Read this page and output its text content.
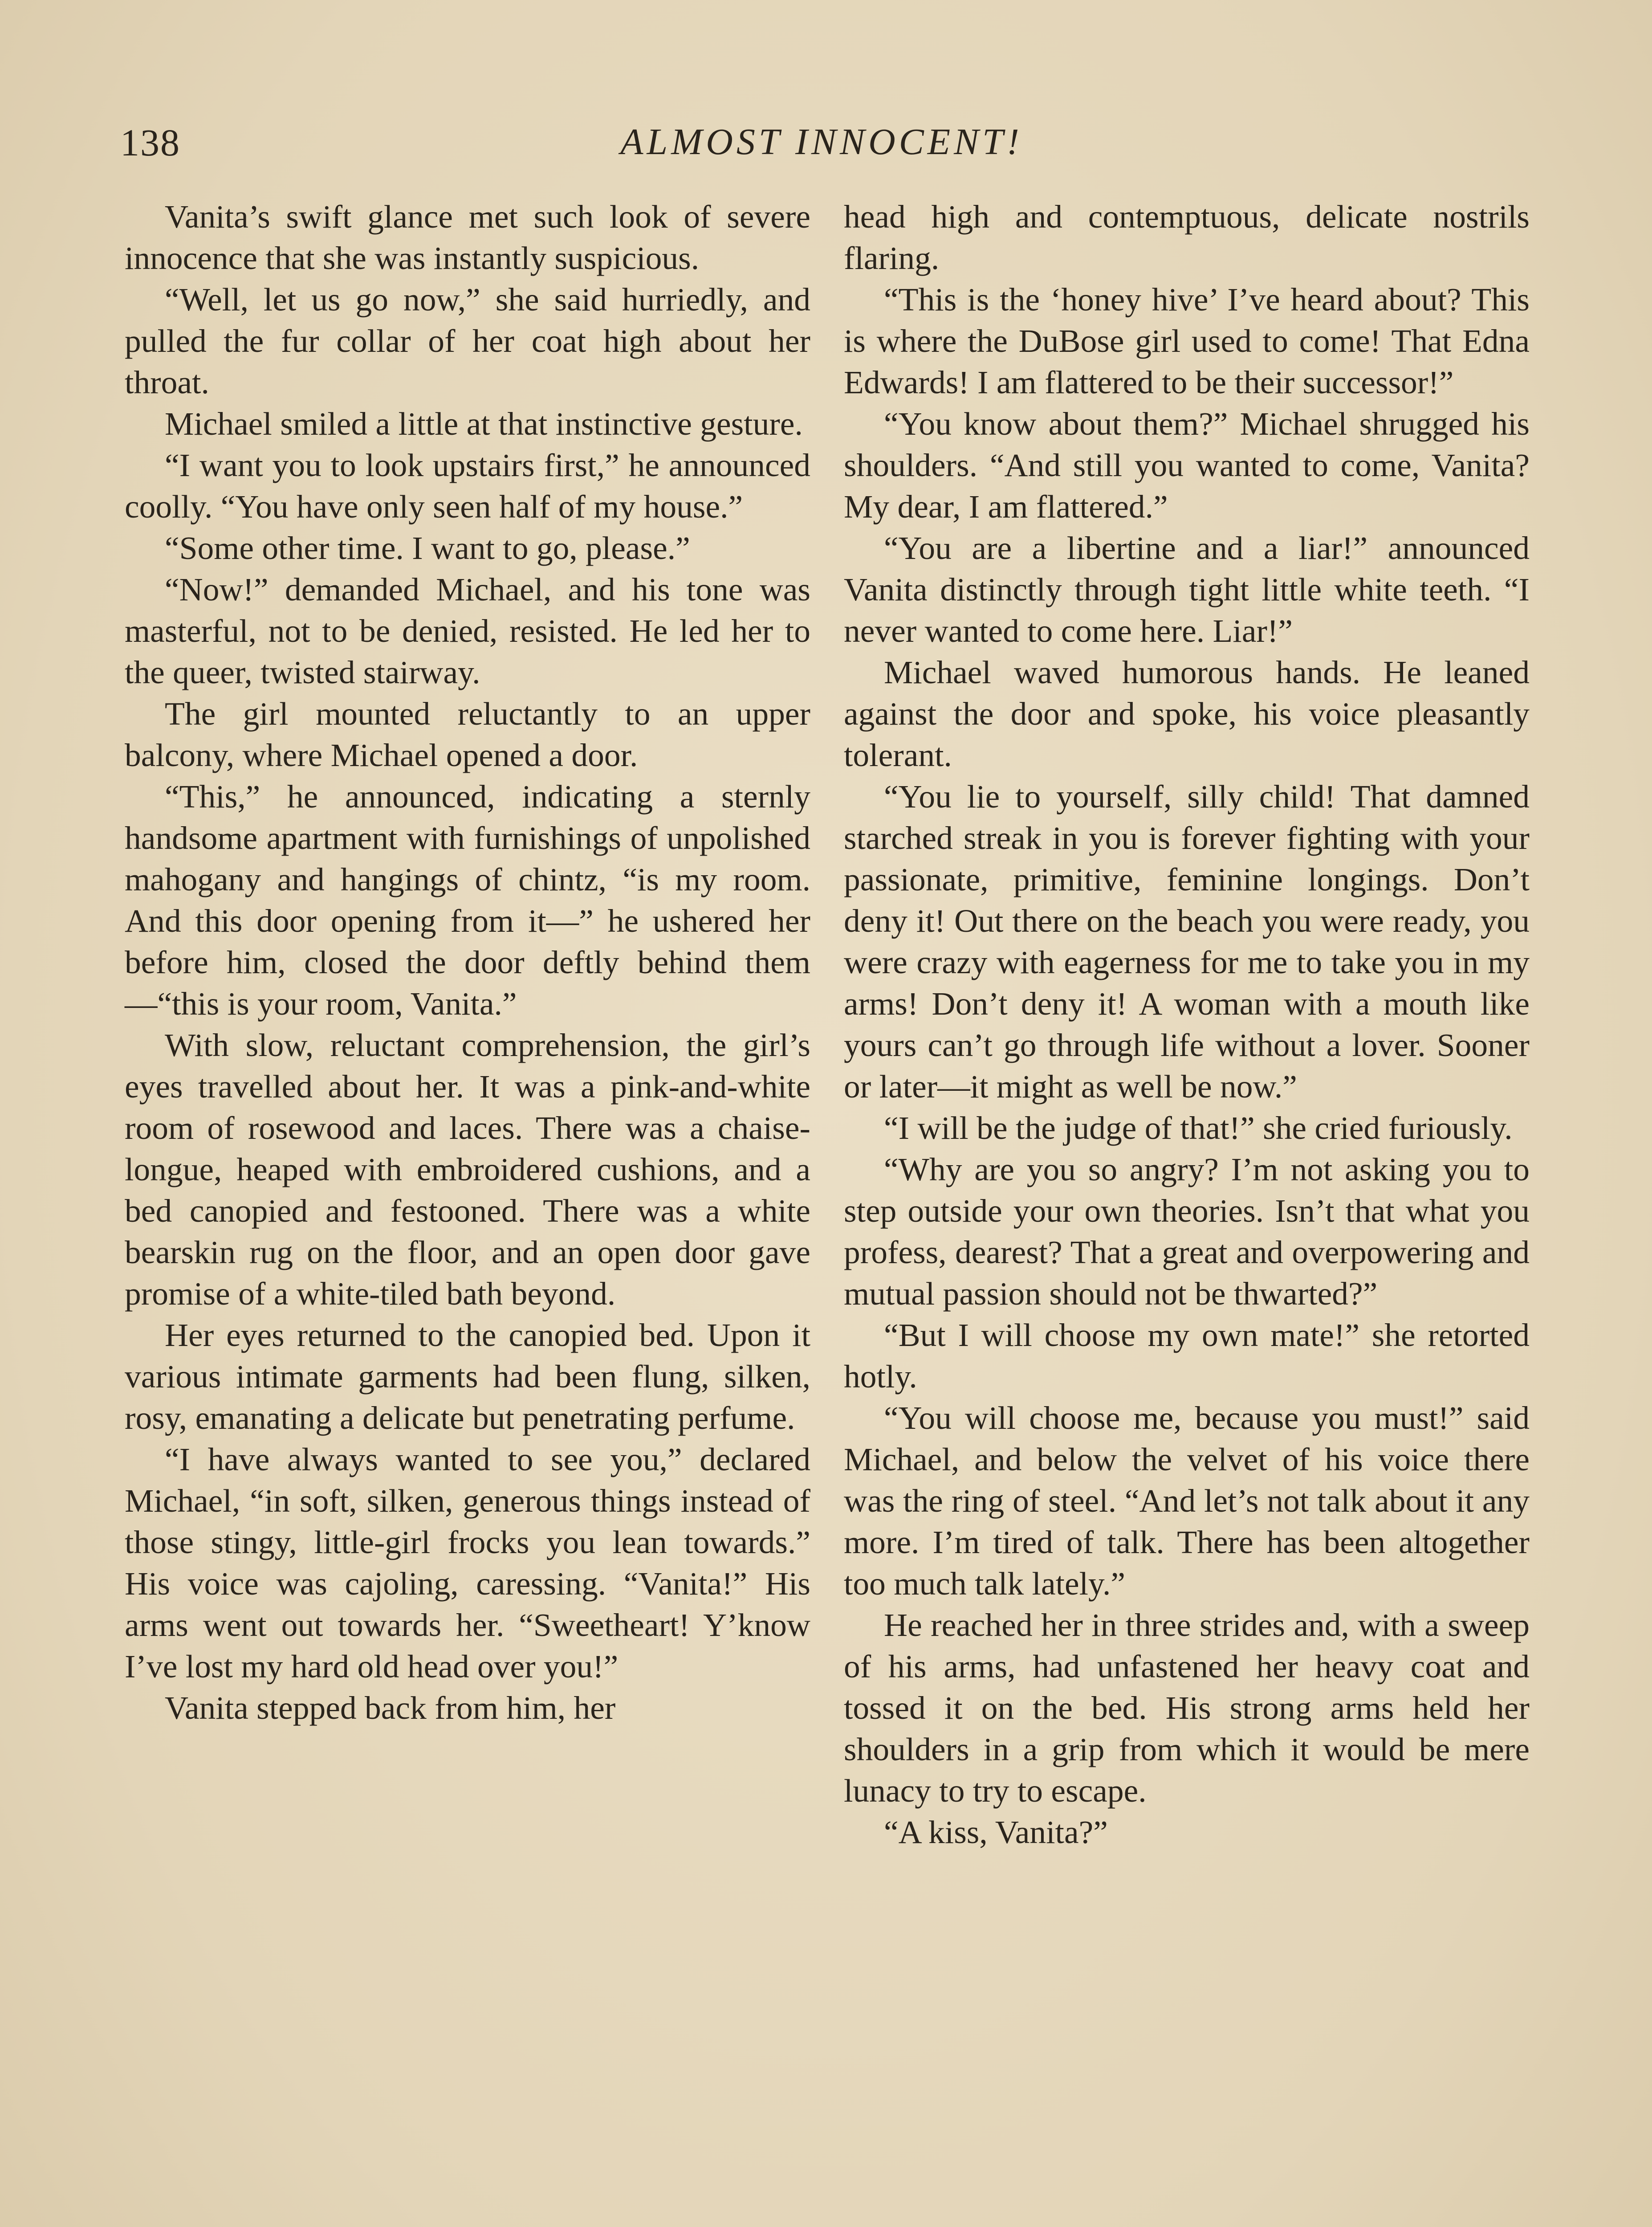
138	ALMOST INNOCENT!

Vanita’s swift glance met such look of severe innocence that she was instantly suspicious.

“Well, let us go now,” she said hurriedly, and pulled the fur collar of her coat high about her throat.

Michael smiled a little at that instinctive gesture.

“I want you to look upstairs first,” he announced coolly. “You have only seen half of my house.”

“Some other time. I want to go, please.”

“Now!” demanded Michael, and his tone was masterful, not to be denied, resisted. He led her to the queer, twisted stairway.

The girl mounted reluctantly to an upper balcony, where Michael opened a door.

“This,” he announced, indicating a sternly handsome apartment with furnishings of unpolished mahogany and hangings of chintz, “is my room. And this door opening from it—” he ushered her before him, closed the door deftly behind them—“this is your room, Vanita.”

With slow, reluctant comprehension, the girl’s eyes travelled about her. It was a pink-and-white room of rosewood and laces. There was a chaise-longue, heaped with embroidered cushions, and a bed canopied and festooned. There was a white bearskin rug on the floor, and an open door gave promise of a white-tiled bath beyond.

Her eyes returned to the canopied bed. Upon it various intimate garments had been flung, silken, rosy, emanating a delicate but penetrating perfume.

“I have always wanted to see you,” declared Michael, “in soft, silken, generous things instead of those stingy, little-girl frocks you lean towards.” His voice was cajoling, caressing. “Vanita!” His arms went out towards her. “Sweetheart! Y’know I’ve lost my hard old head over you!”

Vanita stepped back from him, her

head high and contemptuous, delicate nostrils flaring.

“This is the ‘honey hive’ I’ve heard about? This is where the DuBose girl used to come! That Edna Edwards! I am flattered to be their successor!”

“You know about them?” Michael shrugged his shoulders. “And still you wanted to come, Vanita? My dear, I am flattered.”

“You are a libertine and a liar!” announced Vanita distinctly through tight little white teeth. “I never wanted to come here. Liar!”

Michael waved humorous hands. He leaned against the door and spoke, his voice pleasantly tolerant.

“You lie to yourself, silly child! That damned starched streak in you is forever fighting with your passionate, primitive, feminine longings. Don’t deny it! Out there on the beach you were ready, you were crazy with eagerness for me to take you in my arms! Don’t deny it! A woman with a mouth like yours can’t go through life without a lover. Sooner or later—it might as well be now.”

“I will be the judge of that!” she cried furiously.

“Why are you so angry? I’m not asking you to step outside your own theories. Isn’t that what you profess, dearest? That a great and overpowering and mutual passion should not be thwarted?”

“But I will choose my own mate!” she retorted hotly.

“You will choose me, because you must!” said Michael, and below the velvet of his voice there was the ring of steel. “And let’s not talk about it any more. I’m tired of talk. There has been altogether too much talk lately.”

He reached her in three strides and, with a sweep of his arms, had unfastened her heavy coat and tossed it on the bed. His strong arms held her shoulders in a grip from which it would be mere lunacy to try to escape.

“A kiss, Vanita?”
